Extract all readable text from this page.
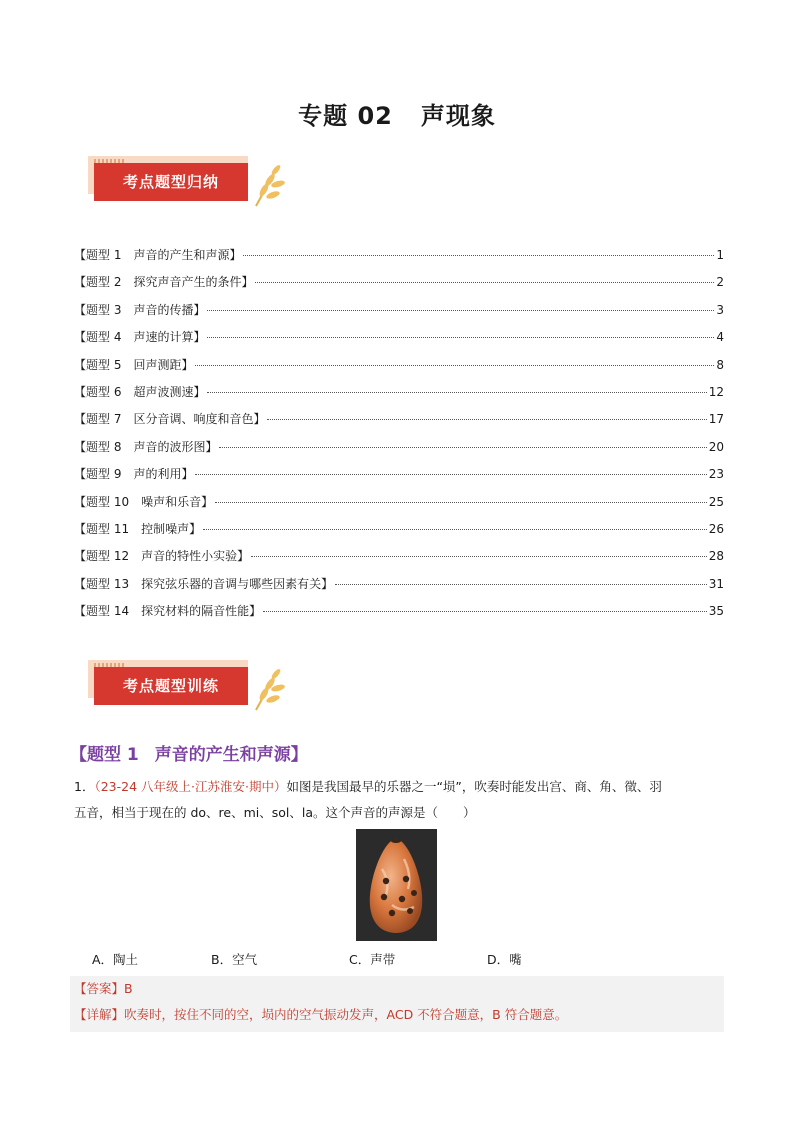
专题 02 声现象
考点题型归纳
【题型 1　声音的产生和声源】	1
【题型 2　探究声音产生的条件】	2
【题型 3　声音的传播】	3
【题型 4　声速的计算】	4
【题型 5　回声测距】	8
【题型 6　超声波测速】	12
【题型 7　区分音调、响度和音色】	17
【题型 8　声音的波形图】	20
【题型 9　声的利用】	23
【题型 10　噪声和乐音】	25
【题型 11　控制噪声】	26
【题型 12　声音的特性小实验】	28
【题型 13　探究弦乐器的音调与哪些因素有关】	31
【题型 14　探究材料的隔音性能】	35
考点题型训练
【题型 1 声音的产生和声源】
1．（23-24 八年级上·江苏淮安·期中）如图是我国最早的乐器之一“埙”，吹奏时能发出宫、商、角、徵、羽
五音，相当于现在的 do、re、mi、sol、la。这个声音的声源是（　　）
A．陶土	B．空气	C．声带	D．嘴
【答案】B
【详解】吹奏时，按住不同的空，埙内的空气振动发声，ACD 不符合题意，B 符合题意。
